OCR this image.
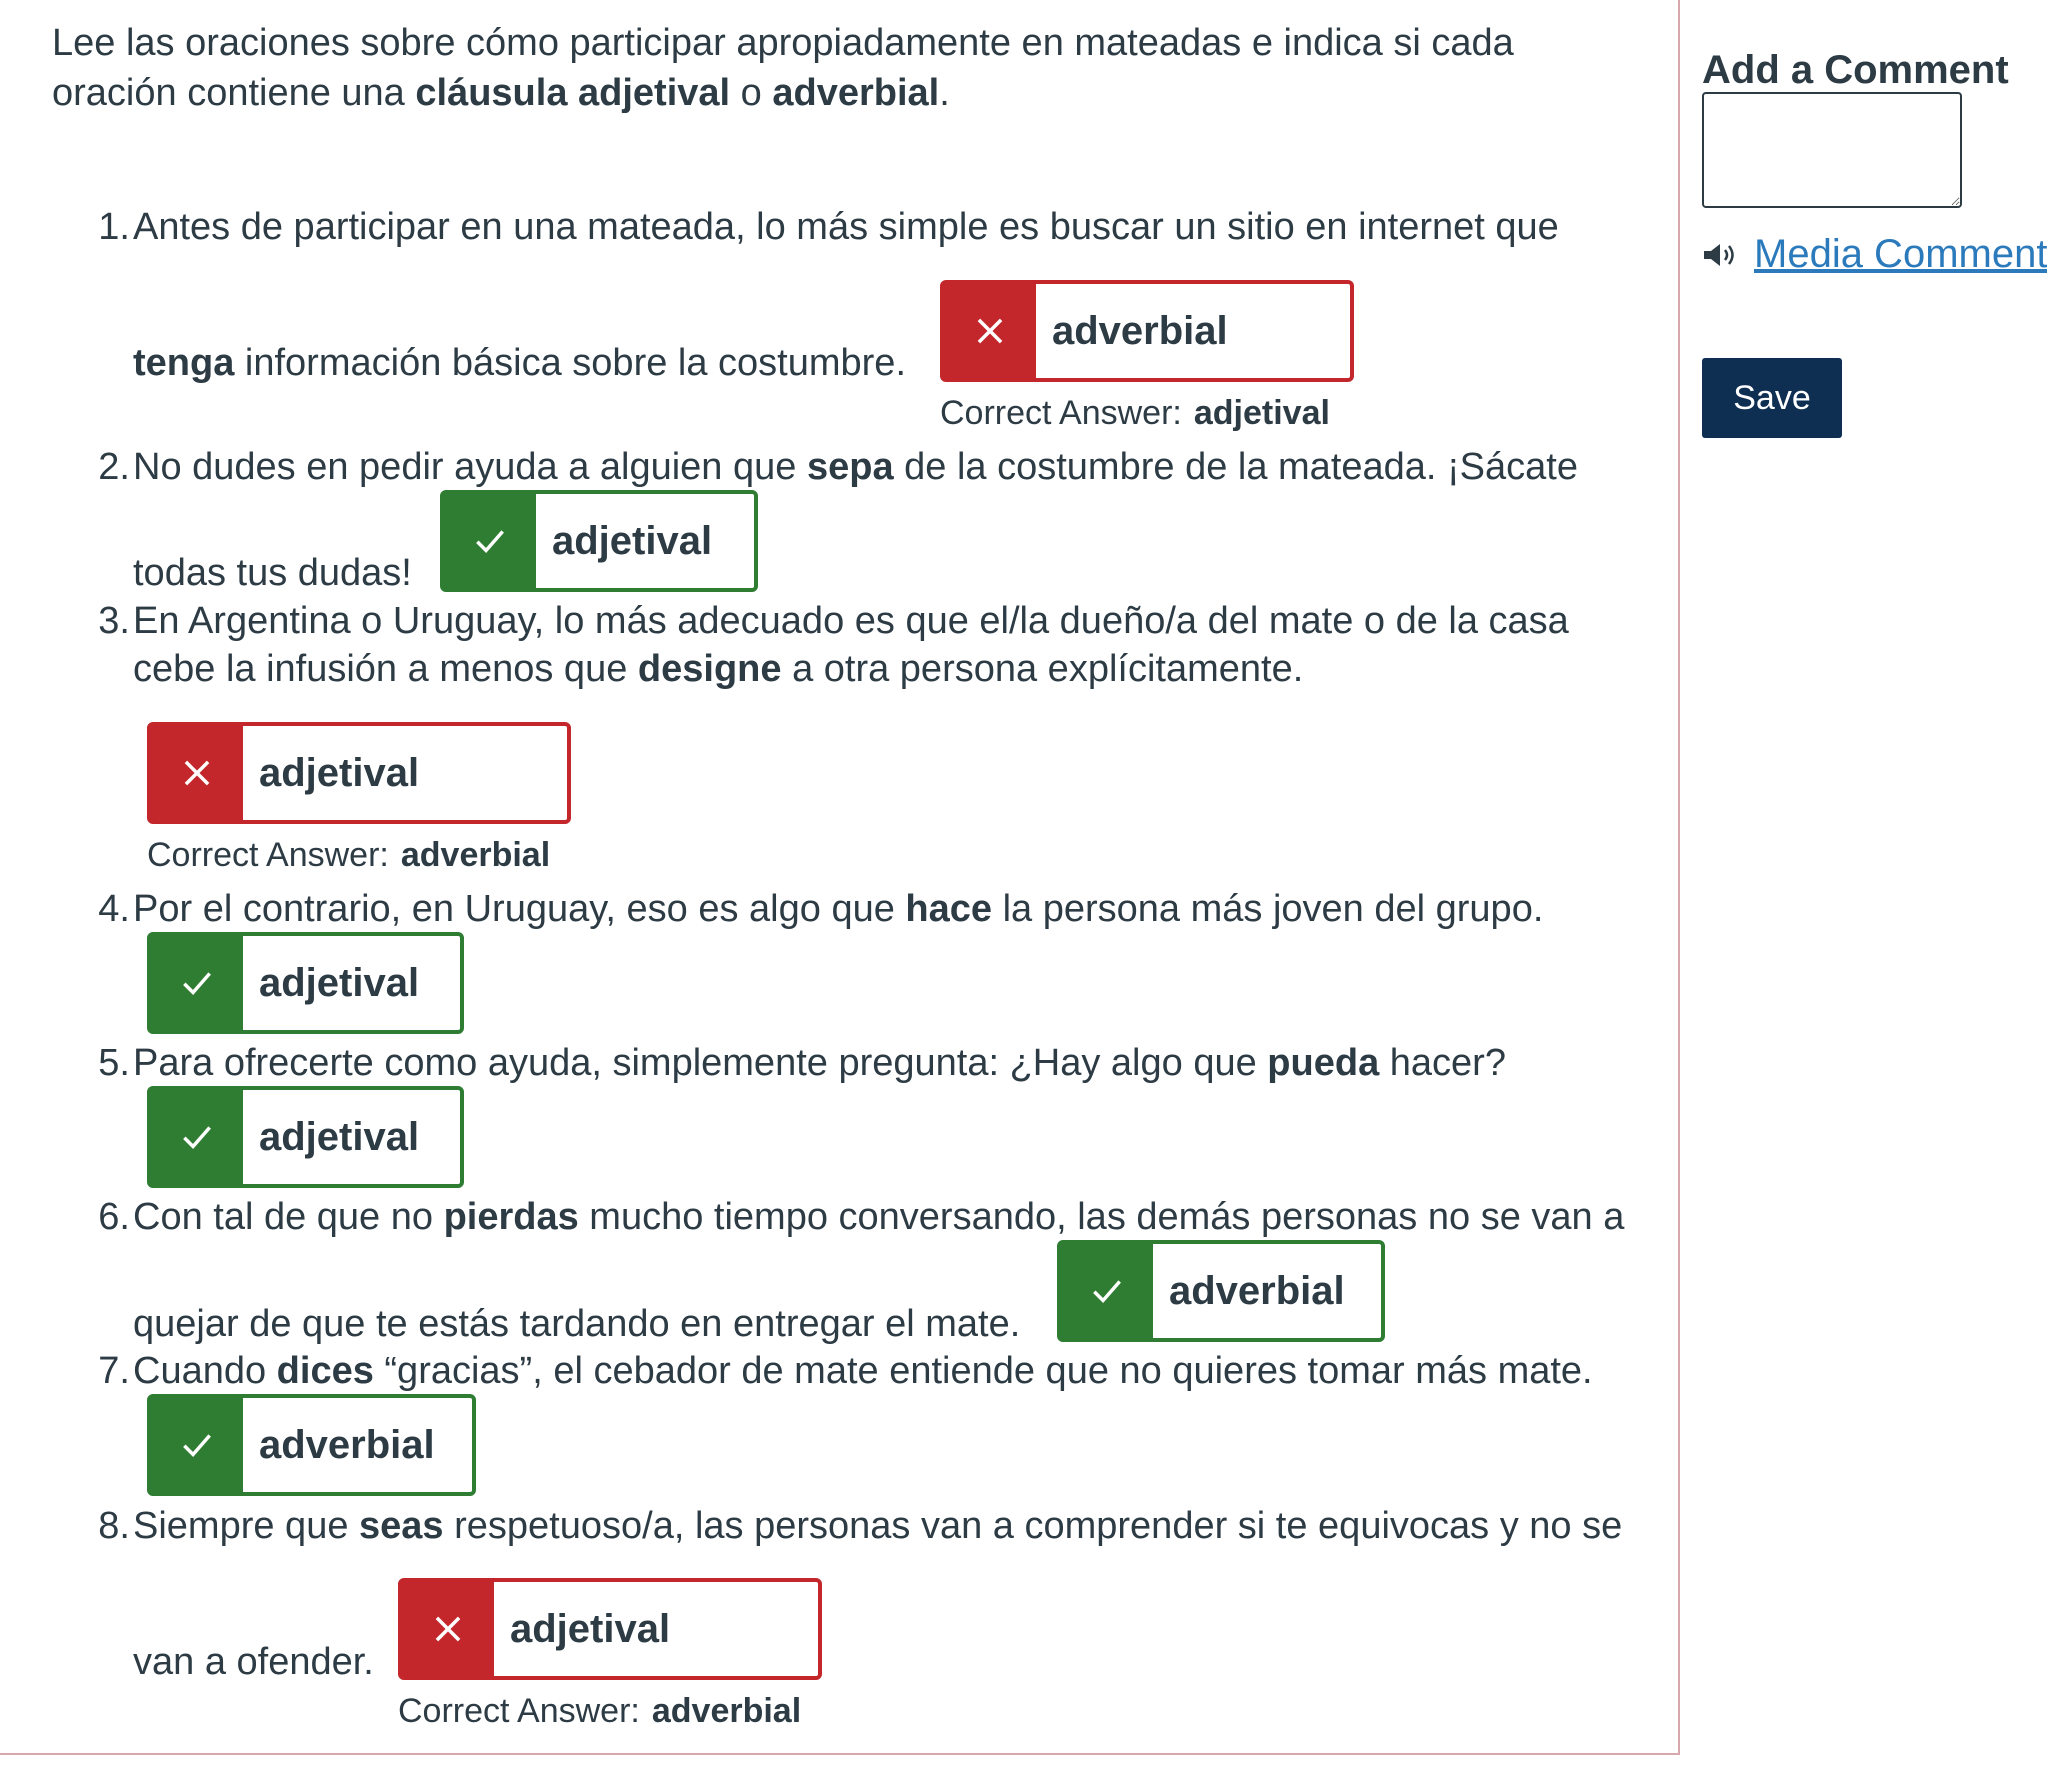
Lee las oraciones sobre cómo participar apropiadamente en mateadas e indica si cada oración contiene una cláusula adjetival o adverbial.
1. Antes de participar en una mateada, lo más simple es buscar un sitio en internet que
tenga información básica sobre la costumbre.
adverbial
Correct Answer: adjetival
2. No dudes en pedir ayuda a alguien que sepa de la costumbre de la mateada. ¡Sácate
todas tus dudas!
adjetival
3. En Argentina o Uruguay, lo más adecuado es que el/la dueño/a del mate o de la casa
cebe la infusión a menos que designe a otra persona explícitamente.
adjetival
Correct Answer: adverbial
4. Por el contrario, en Uruguay, eso es algo que hace la persona más joven del grupo.
adjetival
5. Para ofrecerte como ayuda, simplemente pregunta: ¿Hay algo que pueda hacer?
adjetival
6. Con tal de que no pierdas mucho tiempo conversando, las demás personas no se van a
quejar de que te estás tardando en entregar el mate.
adverbial
7. Cuando dices “gracias”, el cebador de mate entiende que no quieres tomar más mate.
adverbial
8. Siempre que seas respetuoso/a, las personas van a comprender si te equivocas y no se
van a ofender.
adjetival
Correct Answer: adverbial
Add a Comment
Media Comment
Save
